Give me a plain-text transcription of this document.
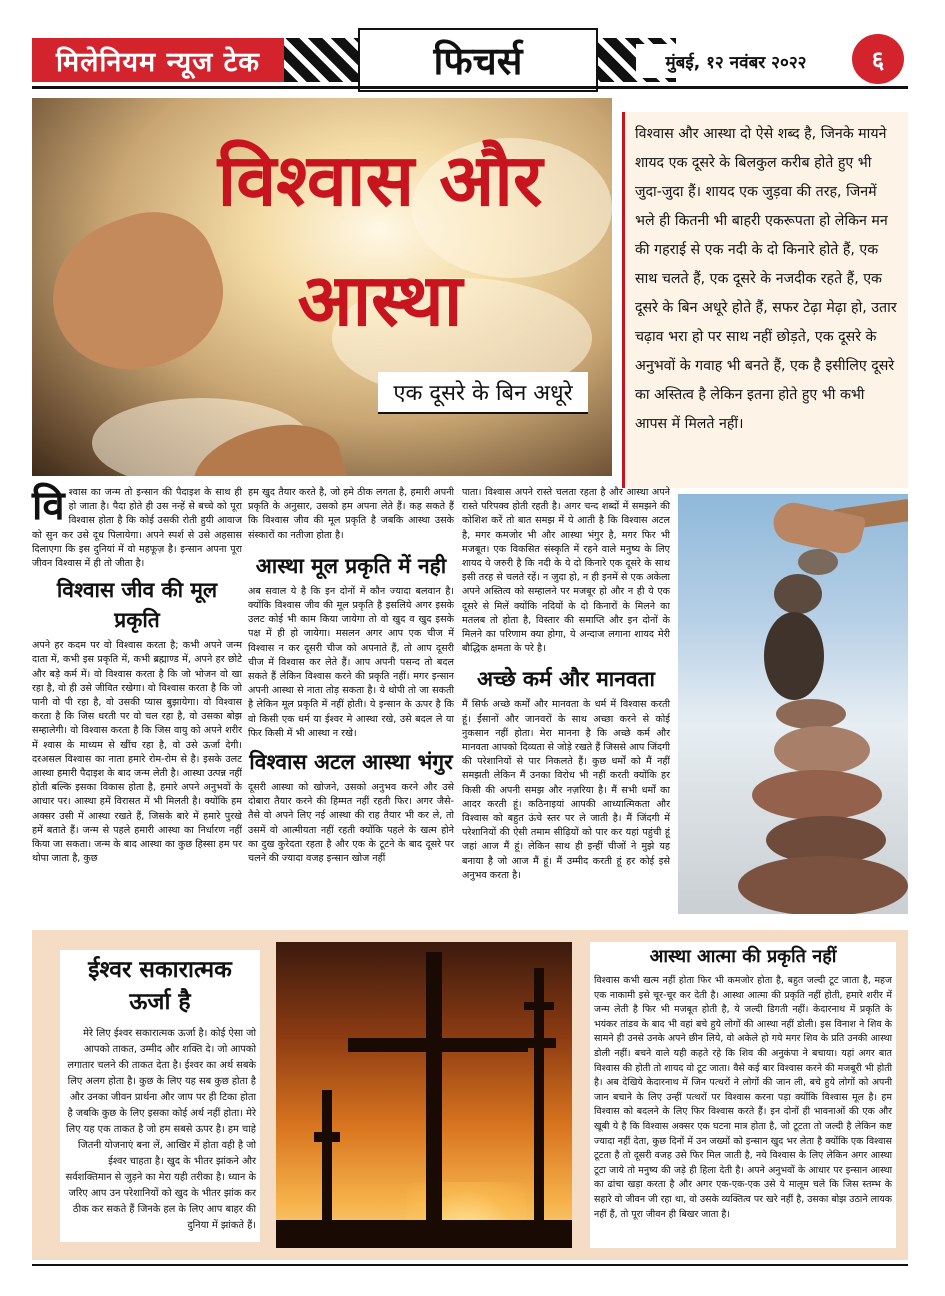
मिलेनियम न्यूज टेक	फिचर्स	मुंबई, १२ नवंबर २०२२	६
विश्वास और
आस्था
एक दूसरे के बिन अधूरे
विश्वास और आस्था दो ऐसे शब्द है, जिनके मायने शायद एक दूसरे के बिलकुल करीब होते हुए भी जुदा-जुदा हैं। शायद एक जुड़वा की तरह, जिनमें भले ही कितनी भी बाहरी एकरूपता हो लेकिन मन की गहराई से एक नदी के दो किनारे होते हैं, एक साथ चलते हैं, एक दूसरे के नजदीक रहते हैं, एक दूसरे के बिन अधूरे होते हैं, सफर टेढ़ा मेढ़ा हो, उतार चढ़ाव भरा हो पर साथ नहीं छोड़ते, एक दूसरे के अनुभवों के गवाह भी बनते हैं, एक है इसीलिए दूसरे का अस्तित्व है लेकिन इतना होते हुए भी कभी आपस में मिलते नहीं।
वि श्वास का जन्म तो इन्सान की पैदाइश के साथ ही हो जाता है। पैदा होते ही उस नन्हें से बच्चे को पूरा विश्वास होता है कि कोई उसकी रोती हुयी आवाज को सुन कर उसे दूध पिलायेगा। अपने स्पर्श से उसे अहसास दिलाएगा कि इस दुनियां में वो महफूज़ है। इन्सान अपना पूरा जीवन विश्वास में ही तो जीता है।

विश्वास जीव की मूल प्रकृति

अपने हर कदम पर वो विश्वास करता है; कभी अपने जन्म दाता में, कभी इस प्रकृति में, कभी ब्रह्माण्ड में, अपने हर छोटे और बड़े कर्म में। वो विश्वास करता है कि जो भोजन वो खा रहा है, वो ही उसे जीवित रखेगा। वो विश्वास करता है कि जो पानी वो पी रहा है, वो उसकी प्यास बुझायेगा। वो विश्वास करता है कि जिस धरती पर वो चल रहा है, वो उसका बोझ सम्हालेगी। वो विश्वास करता है कि जिस वायु को अपने शरीर में श्वास के माध्यम से खींच रहा है, वो उसे ऊर्जा देगी। दरअसल विश्वास का नाता हमारे रोम-रोम से है। इसके उलट आस्था हमारी पैदाइश के बाद जन्म लेती है। आस्था उत्पन्न नहीं होती बल्कि इसका विकास होता है, हमारे अपने अनुभवों के आधार पर। आस्था हमें विरासत में भी मिलती है। क्योंकि हम अक्सर उसी में आस्था रखते हैं, जिसके बारे में हमारे पुरखे हमें बताते हैं। जन्म से पहले हमारी आस्था का निर्धारण नहीं किया जा सकता। जन्म के बाद आस्था का कुछ हिस्सा हम पर थोपा जाता है, कुछ

हम खुद तैयार करते है, जो हमे ठीक लगता है, हमारी अपनी प्रकृति के अनुसार, उसको हम अपना लेते हैं। कह सकते हैं कि विश्वास जीव की मूल प्रकृति है जबकि आस्था उसके संस्कारों का नतीजा होता है।

आस्था मूल प्रकृति में नही

अब सवाल ये है कि इन दोनों में कौन ज्यादा बलवान है। क्योंकि विश्वास जीव की मूल प्रकृति है इसलिये अगर इसके उलट कोई भी काम किया जायेगा तो वो खुद व खुद इसके पक्ष में ही हो जायेगा। मसलन अगर आप एक चीज में विश्वास न कर दूसरी चीज को अपनाते हैं, तो आप दूसरी चीज में विश्वास कर लेते हैं। आप अपनी पसन्द तो बदल सकते हैं लेकिन विश्वास करने की प्रकृति नहीं। मगर इन्सान अपनी आस्था से नाता तोड़ सकता है। ये थोपी तो जा सकती है लेकिन मूल प्रकृति में नहीं होती। ये इन्सान के ऊपर है कि वो किसी एक धर्म या ईश्वर मे आस्था रखे, उसे बदल ले या फिर किसी में भी आस्था न रखे।

विश्वास अटल आस्था भंगुर

दूसरी आस्था को खोजने, उसको अनुभव करने और उसे दोबारा तैयार करने की हिम्मत नहीं रहती फिर। अगर जैसे-तैसे वो अपने लिए नई आस्था की राह तैयार भी कर ले, तो उसमें वो आत्मीयता नहीं रहती क्योंकि पहले के खत्म होने का दुख कुरेदता रहता है और एक के टूटने के बाद दूसरे पर चलने की ज्यादा वजह इन्सान खोज नहीं

पाता। विश्वास अपने रास्ते चलता रहता है और आस्था अपने रास्ते परिपक्व होती रहती है। अगर चन्द शब्दों में समझने की कोशिश करें तो बात समझ में ये आती है कि विश्वास अटल है, मगर कमजोर भी और आस्था भंगुर है, मगर फिर भी मजबूत। एक विकसित संस्कृति में रहने वाले मनुष्य के लिए शायद ये जरुरी है कि नदी के ये दो किनारे एक दूसरे के साथ इसी तरह से चलते रहें। न जुदा हो, न ही इनमें से एक अकेला अपने अस्तित्व को सम्हालने पर मजबूर हो और न ही ये एक दूसरे से मिलें क्योंकि नदियों के दो किनारों के मिलने का मतलब तो होता है, विस्तार की समाप्ति और इन दोनों के मिलने का परिणाम क्या होगा, ये अन्दाज लगाना शायद मेरी बौद्धिक क्षमता के परे है।

अच्छे कर्म और मानवता

मैं सिर्फ अच्छे कर्मों और मानवता के धर्म में विश्वास करती हूं। ईंसानों और जानवरों के साथ अच्छा करने से कोई नुकसान नहीं होता। मेरा मानना है कि अच्छे कर्म और मानवता आपको दिव्यता से जोड़े रखते हैं जिससे आप जिंदगी की परेशानियों से पार निकलते हैं। कुछ धर्मों को मैं नहीं समझती लेकिन मैं उनका विरोध भी नहीं करती क्योंकि हर किसी की अपनी समझ और नज़रिया है। मैं सभी धर्मों का आदर करती हूं। कठिनाइयां आपकी आध्यात्मिकता और विश्वास को बहुत ऊंचे स्तर पर ले जाती है। मैं जिंदगी में परेशानियों की ऐसी तमाम सीढ़ियों को पार कर यहां पहुंची हूं जहां आज मैं हूं। लेकिन साथ ही इन्हीं चीजों ने मुझे यह बनाया है जो आज मैं हूं। मैं उम्मीद करती हूं हर कोई इसे अनुभव करता है।

ईश्वर सकारात्मक ऊर्जा है
मेरे लिए ईश्वर सकारात्मक ऊर्जा है। कोई ऐसा जो आपको ताकत, उम्मीद और शक्ति दे। जो आपको लगातार चलने की ताकत देता है। ईश्वर का अर्थ सबके लिए अलग होता है। कुछ के लिए यह सब कुछ होता है और उनका जीवन प्रार्थना और जाप पर ही टिका होता है जबकि कुछ के लिए इसका कोई अर्थ नहीं होता। मेरे लिए यह एक ताकत है जो हम सबसे ऊपर है। हम चाहे जितनी योजनाएं बना लें, आखिर में होता वही है जो ईश्वर चाहता है। खुद के भीतर झांकने और सर्वशक्तिमान से जुड़ने का मेरा यही तरीका है। ध्यान के जरिए आप उन परेशानियों को खुद के भीतर झांक कर ठीक कर सकते हैं जिनके हल के लिए आप बाहर की दुनिया में झांकते हैं।
आस्था आत्मा की प्रकृति नहीं
विश्वास कभी खत्म नहीं होता फिर भी कमजोर होता है, बहुत जल्दी टूट जाता है, महज एक नाकामी इसे चूर-चूर कर देती है। आस्था आत्मा की प्रकृति नहीं होती, हमारे शरीर में जन्म लेती है फिर भी मजबूत होती है, ये जल्दी डिगती नहीं। केदारनाथ में प्रकृति के भयंकर तांडव के बाद भी वहां बचे हुये लोगों की आस्था नहीं डोली। इस विनाश ने शिव के सामने ही उनसे उनके अपने छीन लिये, वो अकेले हो गये मगर शिव के प्रति उनकी आस्था डोली नहीं। बचने वाले यही कहते रहे कि शिव की अनुकंपा ने बचाया। यहां अगर बात विश्वास की होती तो शायद वो टूट जाता। वैसे कई बार विश्वास करने की मजबूरी भी होती है। अब देखिये केदारनाथ में जिन पत्थरों ने लोगों की जान ली, बचे हुये लोगों को अपनी जान बचाने के लिए उन्हीं पत्थरों पर विश्वास करना पड़ा क्योंकि विश्वास मूल है। हम विश्वास को बदलने के लिए फिर विश्वास करते हैं। इन दोनों ही भावनाओं की एक और खूबी ये है कि विश्वास अक्सर एक घटना मात्र होता है, जो टूटता तो जल्दी है लेकिन कष्ट ज्यादा नहीं देता, कुछ दिनों में उन जख्मों को इन्सान खुद भर लेता है क्योंकि एक विश्वास टूटता है तो दूसरी वजह उसे फिर मिल जाती है, नये विश्वास के लिए लेकिन अगर आस्था टूटा जाये तो मनुष्य की जड़े ही हिला देती है। अपने अनुभवों के आधार पर इन्सान आस्था का ढांचा खड़ा करता है और अगर एक-एक-एक उसे ये मालूम चले कि जिस स्तम्भ के सहारे वो जीवन जी रहा था, वो उसके व्यक्तित्व पर खरे नहीं है, उसका बोझ उठाने लायक नहीं हैं, तो पूरा जीवन ही बिखर जाता है।
